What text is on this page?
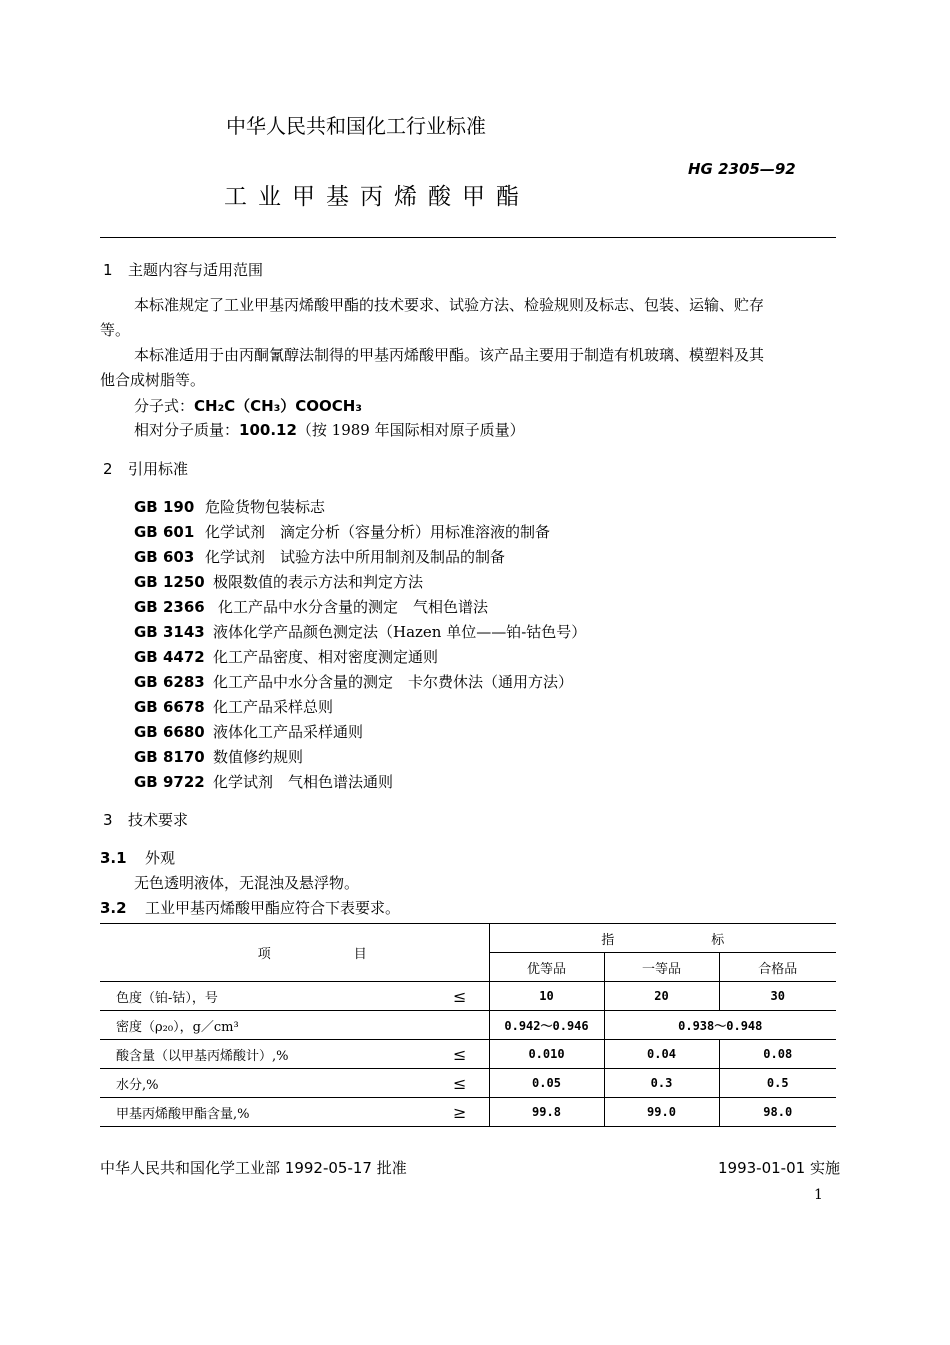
中华人民共和国化工行业标准
HG 2305—92
工业甲基丙烯酸甲酯
1 主题内容与适用范围
本标准规定了工业甲基丙烯酸甲酯的技术要求、试验方法、检验规则及标志、包装、运输、贮存
等。
本标准适用于由丙酮氰醇法制得的甲基丙烯酸甲酯。该产品主要用于制造有机玻璃、模塑料及其
他合成树脂等。
分子式：CH₂C（CH₃）COOCH₃
相对分子质量：100.12（按 1989 年国际相对原子质量）
2 引用标准
GB 190 危险货物包装标志
GB 601 化学试剂　滴定分析（容量分析）用标准溶液的制备
GB 603 化学试剂　试验方法中所用制剂及制品的制备
GB 1250 极限数值的表示方法和判定方法
GB 2366 化工产品中水分含量的测定　气相色谱法
GB 3143 液体化学产品颜色测定法（Hazen 单位——铂-钴色号）
GB 4472 化工产品密度、相对密度测定通则
GB 6283 化工产品中水分含量的测定　卡尔费休法（通用方法）
GB 6678 化工产品采样总则
GB 6680 液体化工产品采样通则
GB 8170 数值修约规则
GB 9722 化学试剂　气相色谱法通则
3 技术要求
3.1 外观
无色透明液体，无混浊及悬浮物。
3.2 工业甲基丙烯酸甲酯应符合下表要求。
项 目		指 标		
		优等品	一等品	合格品
色度（铂-钴），号	≤	10	20	30
密度（ρ₂₀），g／cm³		0.942～0.946	0.938～0.948	
酸含量（以甲基丙烯酸计）,%	≤	0.010	0.04	0.08
水分,%	≤	0.05	0.3	0.5
甲基丙烯酸甲酯含量,%	≥	99.8	99.0	98.0
中华人民共和国化学工业部 1992-05-17 批准	1993-01-01 实施
1
